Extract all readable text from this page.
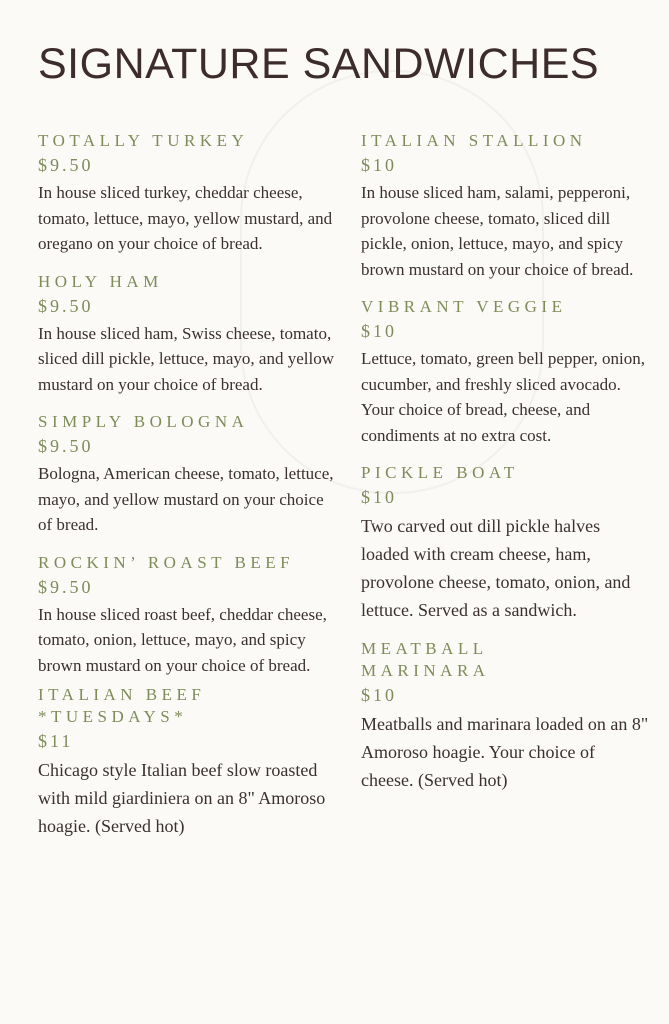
SIGNATURE SANDWICHES
TOTALLY TURKEY
$9.50
In house sliced turkey, cheddar cheese, tomato, lettuce, mayo, yellow mustard, and oregano on your choice of bread.
HOLY HAM
$9.50
In house sliced ham, Swiss cheese, tomato, sliced dill pickle, lettuce, mayo, and yellow mustard on your choice of bread.
SIMPLY BOLOGNA
$9.50
Bologna, American cheese, tomato, lettuce, mayo, and yellow mustard on your choice of bread.
ROCKIN’ ROAST BEEF
$9.50
In house sliced roast beef, cheddar cheese, tomato, onion, lettuce, mayo, and spicy brown mustard on your choice of bread.
ITALIAN BEEF *TUESDAYS*
$11
Chicago style Italian beef slow roasted with mild giardiniera on an 8" Amoroso hoagie. (Served hot)
ITALIAN STALLION
$10
In house sliced ham, salami, pepperoni, provolone cheese, tomato, sliced dill pickle, onion, lettuce, mayo, and spicy brown mustard on your choice of bread.
VIBRANT VEGGIE
$10
Lettuce, tomato, green bell pepper, onion, cucumber, and freshly sliced avocado. Your choice of bread, cheese, and condiments at no extra cost.
PICKLE BOAT
$10
Two carved out dill pickle halves loaded with cream cheese, ham, provolone cheese, tomato, onion, and lettuce. Served as a sandwich.
MEATBALL MARINARA
$10
Meatballs and marinara loaded on an 8" Amoroso hoagie. Your choice of cheese. (Served hot)
